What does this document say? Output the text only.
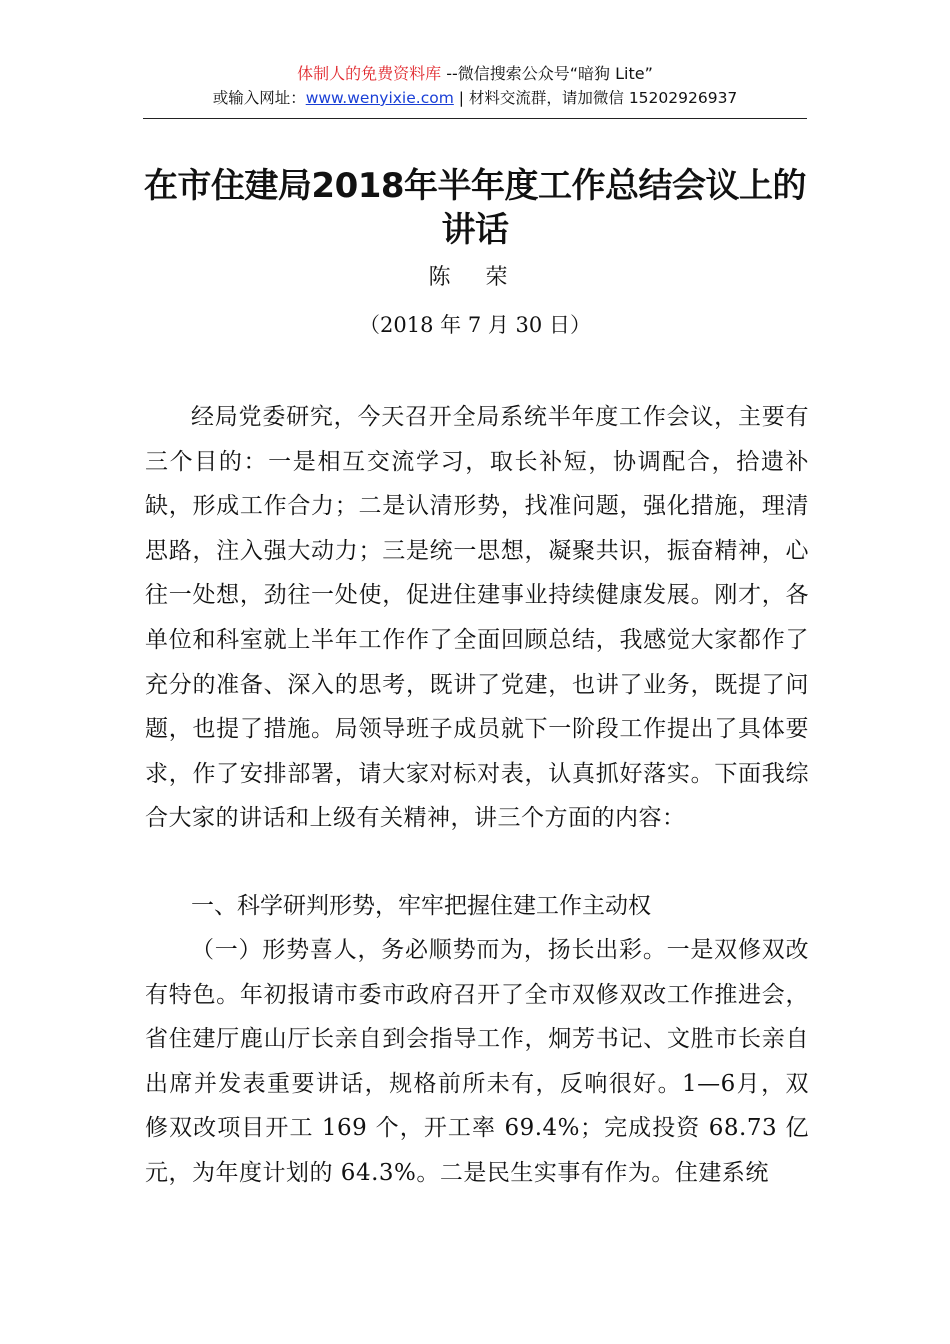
体制人的免费资料库 --微信搜索公众号“暗狗 Lite”
或输入网址：www.wenyixie.com | 材料交流群，请加微信 15202926937
在市住建局2018年半年度工作总结会议上的讲话
陈 荣
（2018 年 7 月 30 日）

经局党委研究，今天召开全局系统半年度工作会议，主要有三个目的：一是相互交流学习，取长补短，协调配合，拾遗补缺，形成工作合力；二是认清形势，找准问题，强化措施，理清思路，注入强大动力；三是统一思想，凝聚共识，振奋精神，心往一处想，劲往一处使，促进住建事业持续健康发展。刚才，各单位和科室就上半年工作作了全面回顾总结，我感觉大家都作了充分的准备、深入的思考，既讲了党建，也讲了业务，既提了问题，也提了措施。局领导班子成员就下一阶段工作提出了具体要求，作了安排部署，请大家对标对表，认真抓好落实。下面我综合大家的讲话和上级有关精神，讲三个方面的内容：

一、科学研判形势，牢牢把握住建工作主动权

（一）形势喜人，务必顺势而为，扬长出彩。一是双修双改有特色。年初报请市委市政府召开了全市双修双改工作推进会，省住建厅鹿山厅长亲自到会指导工作，炯芳书记、文胜市长亲自出席并发表重要讲话，规格前所未有，反响很好。1—6月，双修双改项目开工 169 个，开工率 69.4%；完成投资 68.73 亿元，为年度计划的 64.3%。二是民生实事有作为。住建系统
